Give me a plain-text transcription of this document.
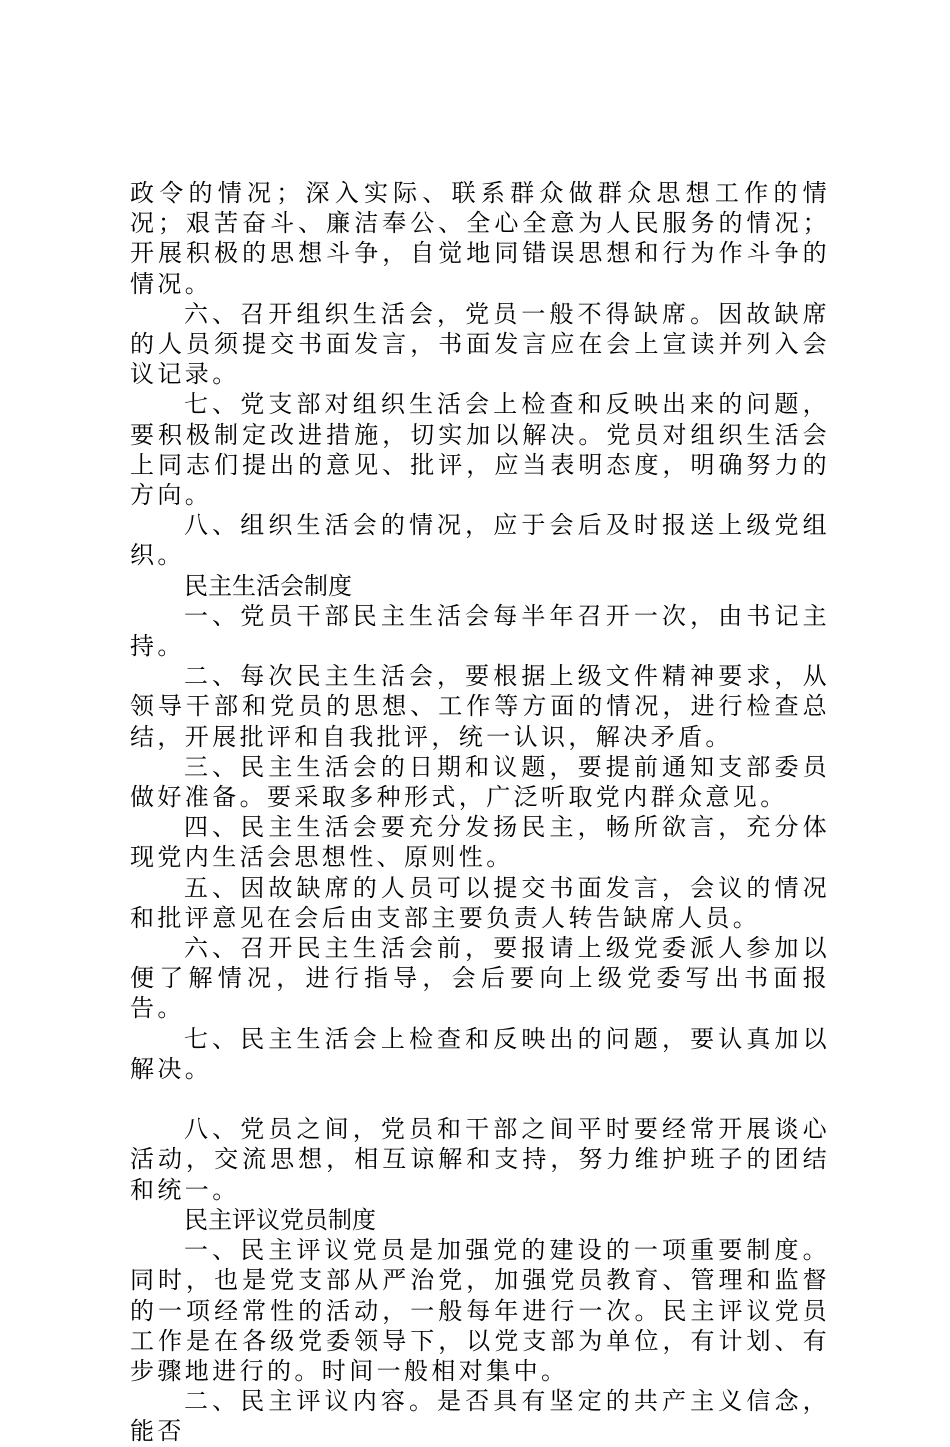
政令的情况；深入实际、联系群众做群众思想工作的情况；艰苦奋斗、廉洁奉公、全心全意为人民服务的情况；开展积极的思想斗争，自觉地同错误思想和行为作斗争的情况。

六、召开组织生活会，党员一般不得缺席。因故缺席的人员须提交书面发言，书面发言应在会上宣读并列入会议记录。

七、党支部对组织生活会上检查和反映出来的问题，要积极制定改进措施，切实加以解决。党员对组织生活会上同志们提出的意见、批评，应当表明态度，明确努力的方向。

八、组织生活会的情况，应于会后及时报送上级党组织。

民主生活会制度

一、党员干部民主生活会每半年召开一次，由书记主持。

二、每次民主生活会，要根据上级文件精神要求，从领导干部和党员的思想、工作等方面的情况，进行检查总结，开展批评和自我批评，统一认识，解决矛盾。

三、民主生活会的日期和议题，要提前通知支部委员做好准备。要采取多种形式，广泛听取党内群众意见。

四、民主生活会要充分发扬民主，畅所欲言，充分体现党内生活会思想性、原则性。

五、因故缺席的人员可以提交书面发言，会议的情况和批评意见在会后由支部主要负责人转告缺席人员。

六、召开民主生活会前，要报请上级党委派人参加以便了解情况，进行指导，会后要向上级党委写出书面报告。

七、民主生活会上检查和反映出的问题，要认真加以解决。

八、党员之间，党员和干部之间平时要经常开展谈心活动，交流思想，相互谅解和支持，努力维护班子的团结和统一。

民主评议党员制度

一、民主评议党员是加强党的建设的一项重要制度。同时，也是党支部从严治党，加强党员教育、管理和监督的一项经常性的活动，一般每年进行一次。民主评议党员工作是在各级党委领导下，以党支部为单位，有计划、有步骤地进行的。时间一般相对集中。

二、民主评议内容。是否具有坚定的共产主义信念，能否
